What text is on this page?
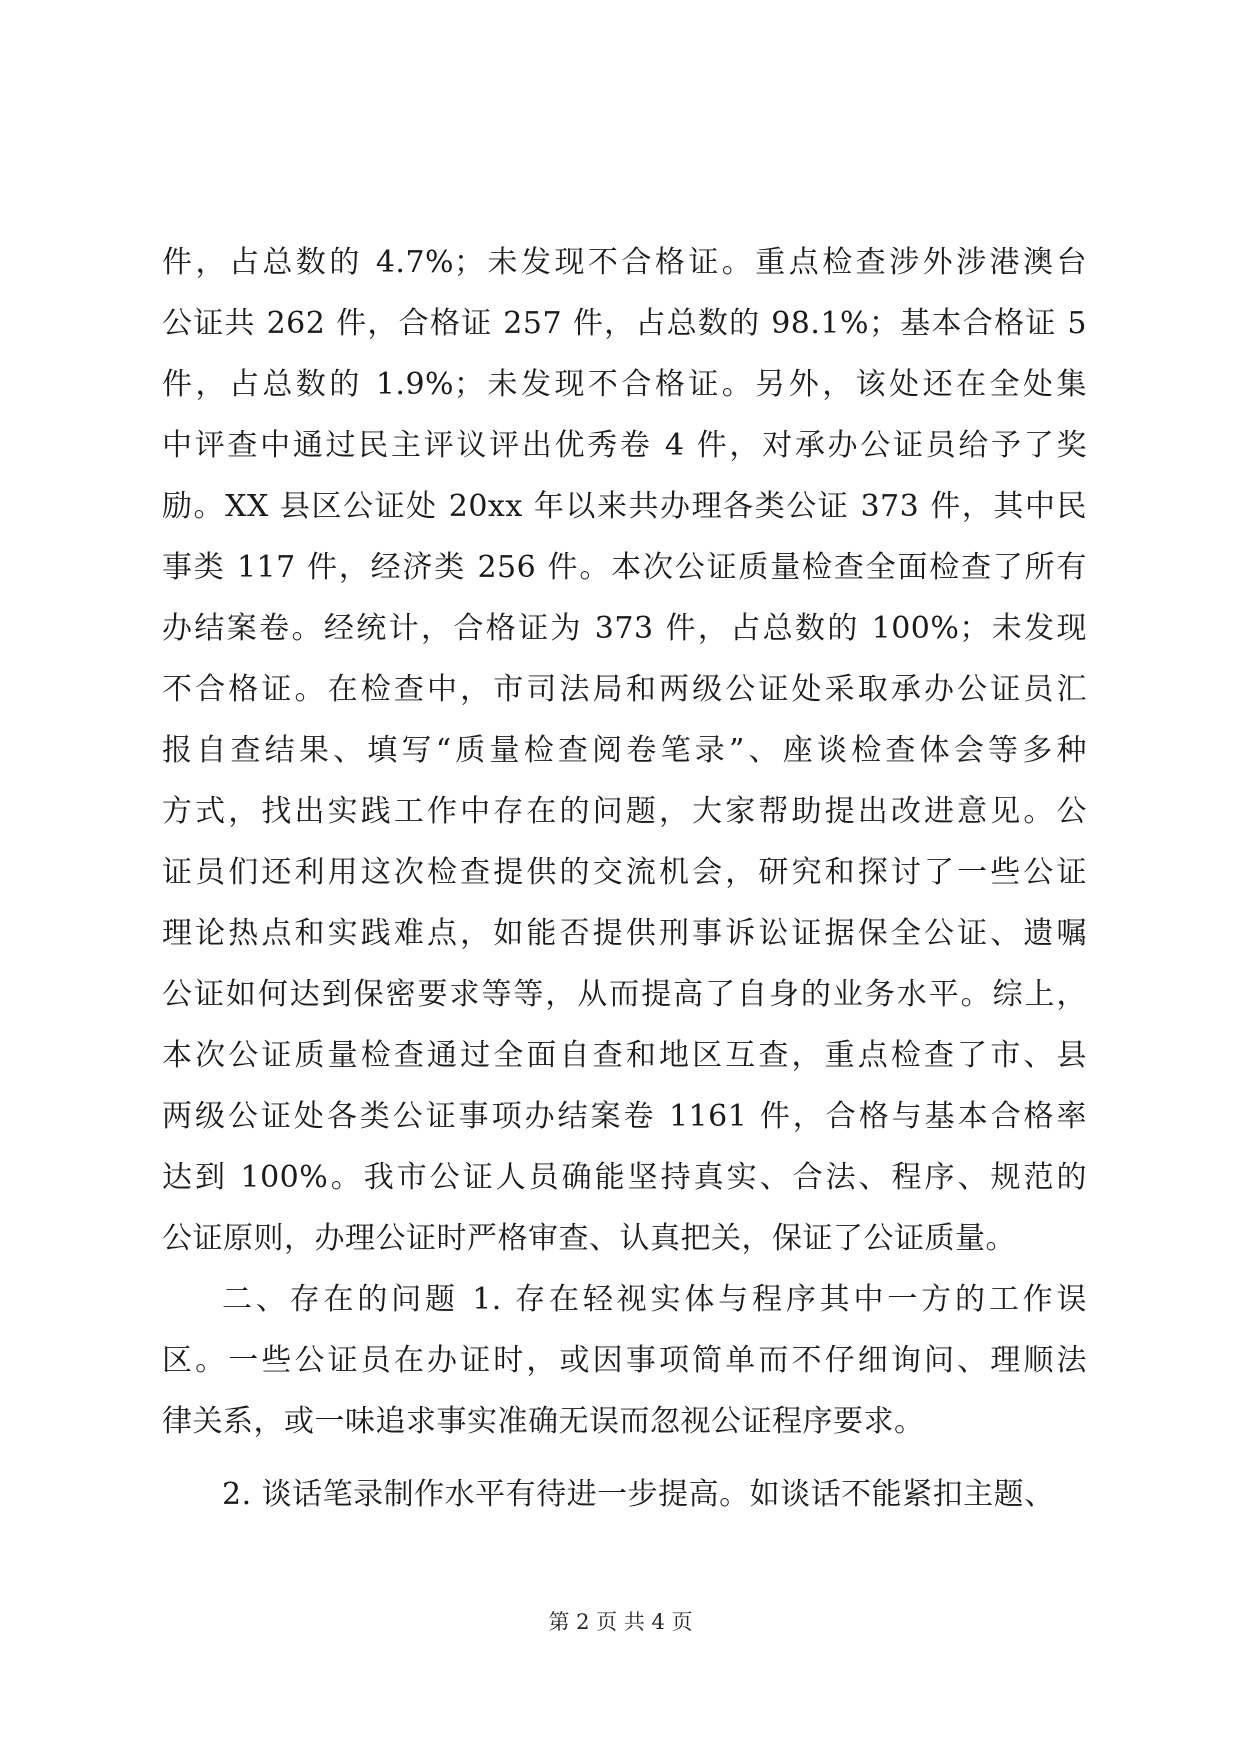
件，占总数的 4.7%；未发现不合格证。重点检查涉外涉港澳台
公证共 262 件，合格证 257 件，占总数的 98.1%；基本合格证 5
件，占总数的 1.9%；未发现不合格证。另外，该处还在全处集
中评查中通过民主评议评出优秀卷 4 件，对承办公证员给予了奖
励。XX 县区公证处 20xx 年以来共办理各类公证 373 件，其中民
事类 117 件，经济类 256 件。本次公证质量检查全面检查了所有
办结案卷。经统计，合格证为 373 件，占总数的 100%；未发现
不合格证。在检查中，市司法局和两级公证处采取承办公证员汇
报自查结果、填写“质量检查阅卷笔录”、座谈检查体会等多种
方式，找出实践工作中存在的问题，大家帮助提出改进意见。公
证员们还利用这次检查提供的交流机会，研究和探讨了一些公证
理论热点和实践难点，如能否提供刑事诉讼证据保全公证、遗嘱
公证如何达到保密要求等等，从而提高了自身的业务水平。综上，
本次公证质量检查通过全面自查和地区互查，重点检查了市、县
两级公证处各类公证事项办结案卷 1161 件，合格与基本合格率
达到 100%。我市公证人员确能坚持真实、合法、程序、规范的
公证原则，办理公证时严格审查、认真把关，保证了公证质量。
二、存在的问题 1. 存在轻视实体与程序其中一方的工作误
区。一些公证员在办证时，或因事项简单而不仔细询问、理顺法
律关系，或一味追求事实准确无误而忽视公证程序要求。
2. 谈话笔录制作水平有待进一步提高。如谈话不能紧扣主题、
第 2 页 共 4 页
